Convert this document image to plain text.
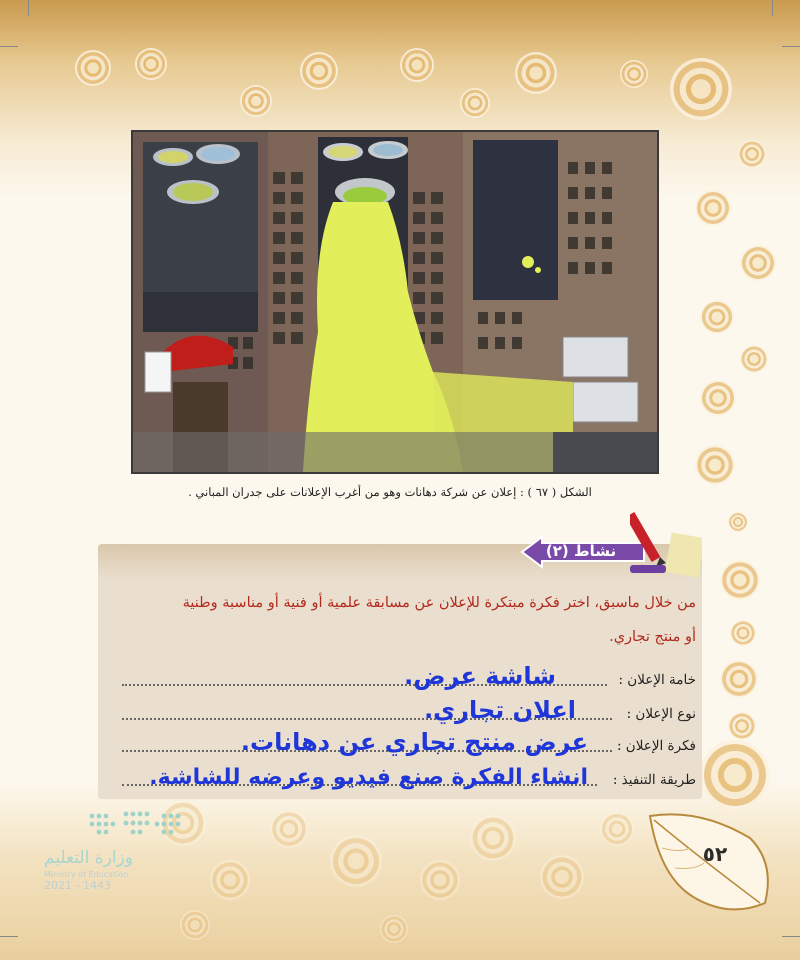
الشكل ( ٦٧ ) : إعلان عن شركة دهانات وهو من أغرب الإعلانات على جدران المباني .
نشاط (٢)
من خلال ماسبق، اختر فكرة مبتكرة للإعلان عن مسابقة علمية أو فنية أو مناسبة وطنية
أو منتج تجاري.
خامة الإعلان :
شاشة عرض.
نوع الإعلان :
اعلان تجاري.
فكرة الإعلان :
عرض منتج تجاري عن دهانات.
طريقة التنفيذ :
انشاء الفكرة صنع فيديو وعرضه للشاشة.
وزارة التعليم
Ministry of Education
2021 - 1443
٥٢
